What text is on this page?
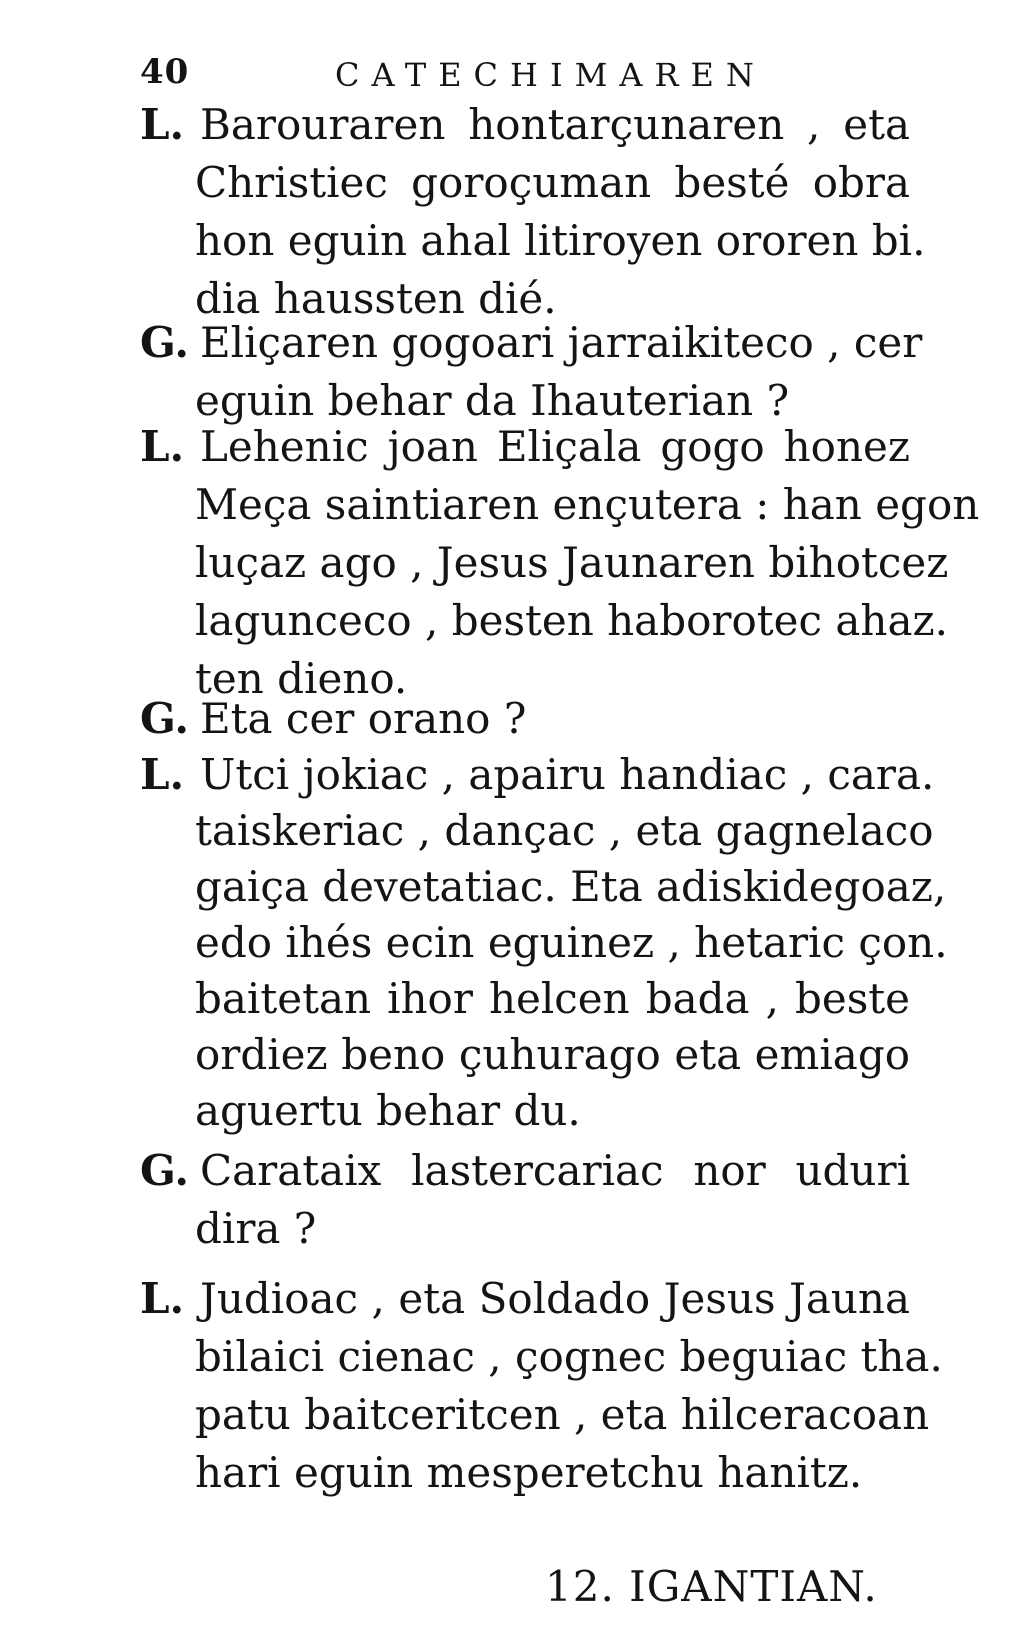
40	CATECHIMAREN
L. Barouraren hontarçunaren , eta
Christiec goroçuman besté obra
hon eguin ahal litiroyen ororen bi.
dia haussten dié.
G. Eliçaren gogoari jarraikiteco , cer
eguin behar da Ihauterian ?
L. Lehenic joan Eliçala gogo honez
Meça saintiaren ençutera : han egon
luçaz ago , Jesus Jaunaren bihotcez
lagunceco , besten haborotec ahaz.
ten dieno.
G. Eta cer orano ?
L. Utci jokiac , apairu handiac , cara.
taiskeriac , dançac , eta gagnelaco
gaiça devetatiac. Eta adiskidegoaz,
edo ihés ecin eguinez , hetaric çon.
baitetan ihor helcen bada , beste
ordiez beno çuhurago eta emiago
aguertu behar du.
G. Carataix lastercariac nor uduri
dira ?
L. Judioac , eta Soldado Jesus Jauna
bilaici cienac , çognec beguiac tha.
patu baitceritcen , eta hilceracoan
hari eguin mesperetchu hanitz.
12. IGANTIAN.
